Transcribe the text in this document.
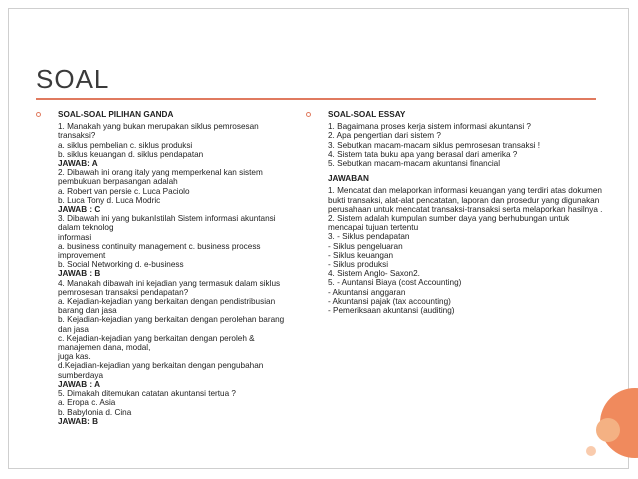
SOAL
SOAL-SOAL PILIHAN GANDA
1. Manakah yang bukan merupakan siklus pemrosesan transaksi?
a. siklus pembelian c. siklus produksi
b. siklus keuangan d. siklus pendapatan
JAWAB: A
2. Dibawah ini orang italy yang memperkenal kan sistem pembukuan berpasangan adalah
a. Robert van persie c. Luca Paciolo
b. Luca Tony d. Luca Modric
JAWAB : C
3. Dibawah ini yang bukanIstilah Sistem informasi akuntansi dalam teknolog
informasi
a. business continuity management c. business process improvement
b. Social Networking d. e-business
JAWAB : B
4. Manakah dibawah ini kejadian yang termasuk dalam siklus pemrosesan transaksi pendapatan?
a. Kejadian-kejadian yang berkaitan dengan pendistribusian barang dan jasa
b. Kejadian-kejadian yang berkaitan dengan perolehan barang dan jasa
c. Kejadian-kejadian yang berkaitan dengan peroleh & manajemen dana, modal,
juga kas.
d.Kejadian-kejadian yang berkaitan dengan pengubahan sumberdaya
JAWAB : A
5. Dimakah ditemukan catatan akuntansi tertua ?
a. Eropa c. Asia
b. Babylonia d. Cina
JAWAB: B
SOAL-SOAL ESSAY
1. Bagaimana proses kerja sistem informasi akuntansi ?
2. Apa pengertian dari sistem ?
3. Sebutkan macam-macam siklus pemrosesan transaksi !
4. Sistem tata buku apa yang berasal dari amerika ?
5. Sebutkan macam-macam akuntansi financial
JAWABAN
1. Mencatat dan melaporkan informasi keuangan yang terdiri atas dokumen bukti transaksi, alat-alat pencatatan, laporan dan prosedur yang digunakan perusahaan untuk mencatat transaksi-transaksi serta melaporkan hasilnya .
2. Sistem adalah kumpulan sumber daya yang berhubungan untuk mencapai tujuan tertentu
3. - Siklus pendapatan
- Siklus pengeluaran
- Siklus keuangan
- Siklus produksi
4. Sistem Anglo- Saxon2.
5. - Auntansi Biaya (cost Accounting)
- Akuntansi anggaran
- Akuntansi pajak (tax accounting)
- Pemeriksaan akuntansi (auditing)
